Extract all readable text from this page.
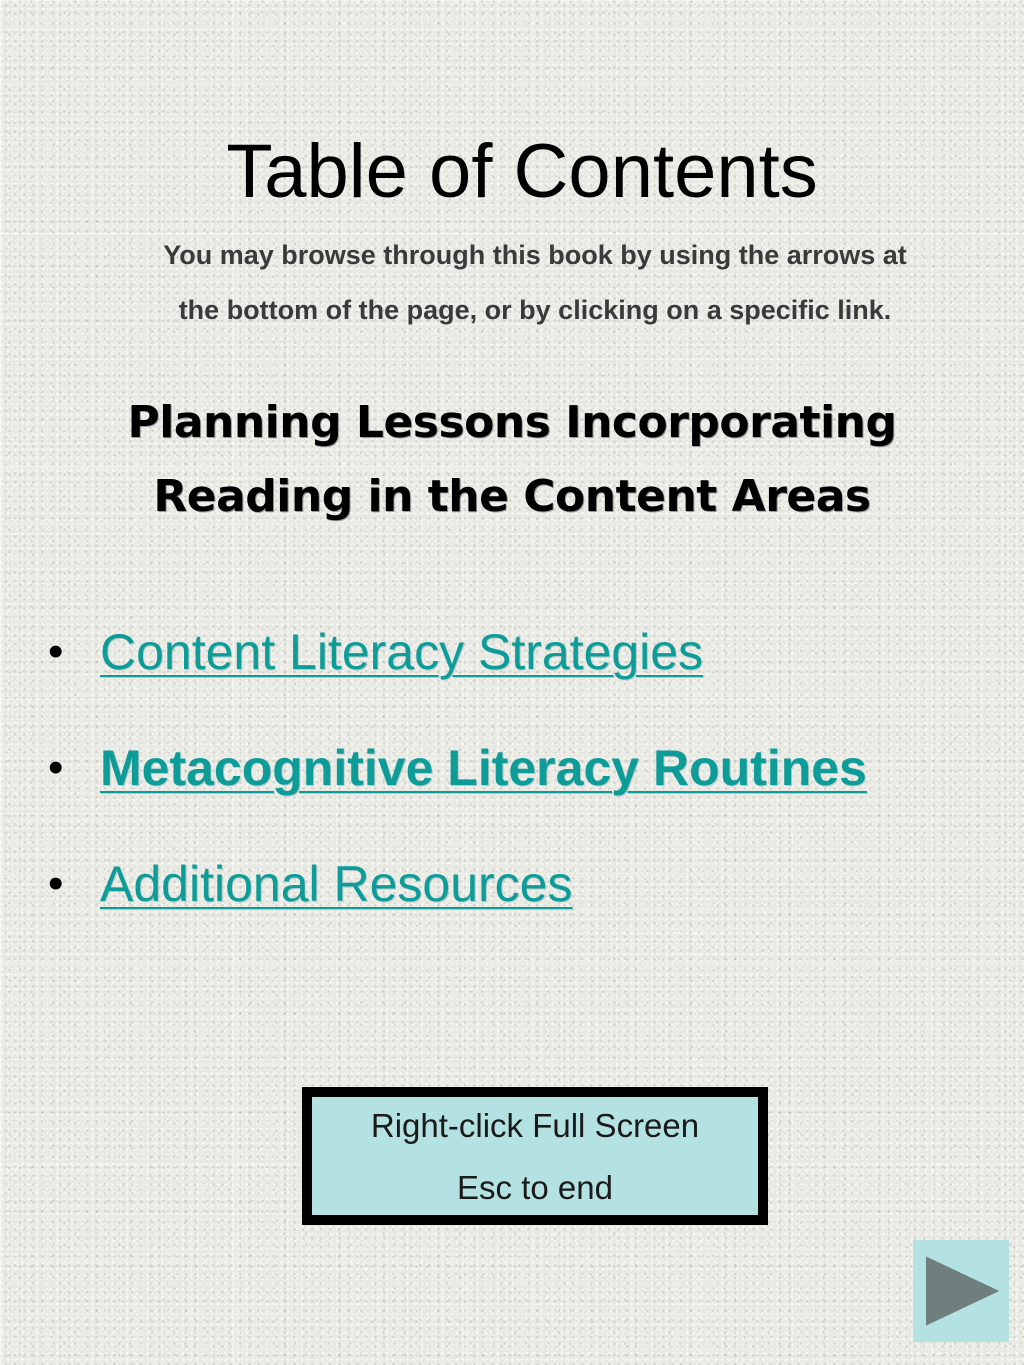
Table of Contents
You may browse through this book by using the arrows at
the bottom of the page, or by clicking on a specific link.
Planning Lessons Incorporating
Reading in the Content Areas
• Content Literacy Strategies
• Metacognitive Literacy Routines
• Additional Resources
Right-click Full Screen
Esc to end
